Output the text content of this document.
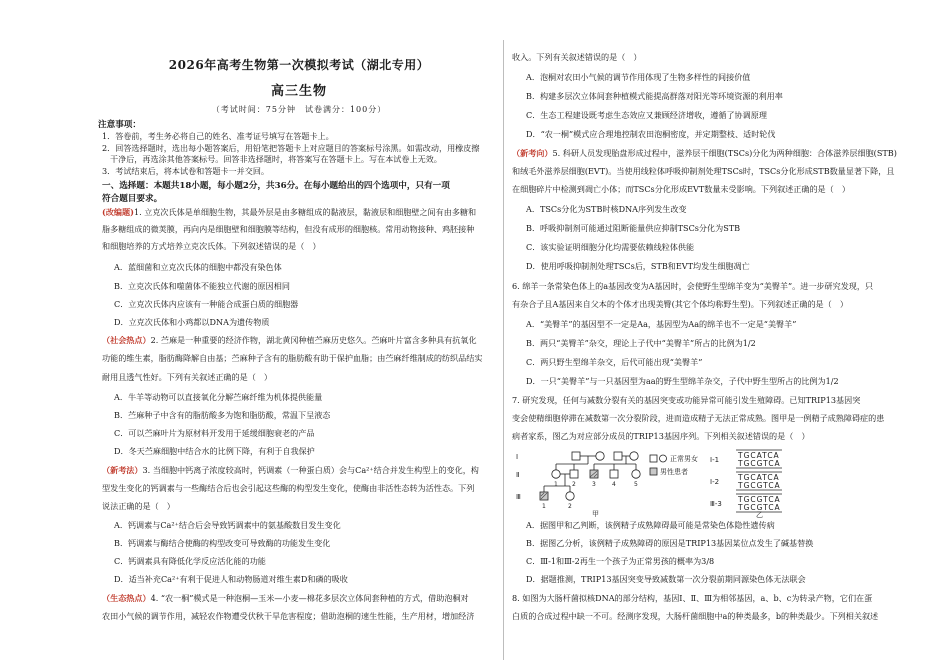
2026年高考生物第一次模拟考试（湖北专用）
高三生物
（考试时间：75分钟　试卷满分：100分）
注意事项：
1．答卷前，考生务必将自己的姓名、准考证号填写在答题卡上。
2．回答选择题时，选出每小题答案后，用铅笔把答题卡上对应题目的答案标号涂黑。如需改动，用橡皮擦
干净后，再选涂其他答案标号。回答非选择题时，将答案写在答题卡上。写在本试卷上无效。
3．考试结束后，将本试卷和答题卡一并交回。
一、选择题：本题共18小题，每小题2分，共36分。在每小题给出的四个选项中，只有一项
符合题目要求。
(改编题)1. 立克次氏体是单细胞生物，其最外层是由多糖组成的黏液层，黏液层和细胞壁之间有由多糖和
脂多糖组成的微荚膜，再向内是细胞壁和细胞膜等结构，但没有成形的细胞核。常用动物接种、鸡胚接种
和细胞培养的方式培养立克次氏体。下列叙述错误的是（　）
A．蓝细菌和立克次氏体的细胞中都没有染色体
B．立克次氏体和噬菌体不能独立代谢的原因相同
C．立克次氏体内应该有一种能合成蛋白质的细胞器
D．立克次氏体和小鸡都以DNA为遗传物质
（社会热点）2. 苎麻是一种重要的经济作物，湖北黄冈种植苎麻历史悠久。苎麻叶片富含多种具有抗氧化
功能的维生素，脂肪酶降解自由基；苎麻种子含有的脂肪酸有助于保护血脂；由苎麻纤维制成的纺织品结实
耐用且透气性好。下列有关叙述正确的是（　）
A．牛羊等动物可以直接氧化分解苎麻纤维为机体提供能量
B．苎麻种子中含有的脂肪酸多为饱和脂肪酸，常温下呈液态
C．可以苎麻叶片为原材料开发用于延缓细胞衰老的产品
D．冬天苎麻细胞中结合水的比例下降，有利于自我保护
（新考法）3. 当细胞中钙离子浓度较高时，钙调素（一种蛋白质）会与Ca²⁺结合并发生构型上的变化，构
型发生变化的钙调素与一些酶结合后也会引起这些酶的构型发生变化，使酶由非活性态转为活性态。下列
说法正确的是（　）
A．钙调素与Ca²⁺结合后会导致钙调素中的氨基酸数目发生变化
B．钙调素与酶结合使酶的构型改变可导致酶的功能发生变化
C．钙调素具有降低化学反应活化能的功能
D．适当补充Ca²⁺有利于促进人和动物肠道对维生素D和磷的吸收
（生态热点）4. “农一桐”模式是一种泡桐—玉米—小麦—棉花多层次立体间套种植的方式，借助泡桐对
农田小气候的调节作用，减轻农作物遭受伏秋干旱危害程度；借助泡桐的速生性能，生产用材，增加经济
收入。下列有关叙述错误的是（　）
A．泡桐对农田小气候的调节作用体现了生物多样性的间接价值
B．构建多层次立体间套种植模式能提高群落对阳光等环境资源的利用率
C．生态工程建设既考虑生态效应又兼顾经济增收，遵循了协调原理
D．“农一桐”模式应合理地控制农田泡桐密度，并定期整枝、适时轮伐
（新考向）5. 科研人员发现胎盘形成过程中，滋养层干细胞(TSCs)分化为两种细胞：合体滋养层细胞(STB)
和绒毛外滋养层细胞(EVT)。当使用线粒体呼吸抑制剂处理TSCs时，TSCs分化形成STB数量显著下降，且
在细胞碎片中检测到凋亡小体；而TSCs分化形成EVT数量未受影响。下列叙述正确的是（　）
A．TSCs分化为STB时核DNA序列发生改变
B．呼吸抑制剂可能通过阻断能量供应抑制TSCs分化为STB
C．该实验证明细胞分化均需要依赖线粒体供能
D．使用呼吸抑制剂处理TSCs后，STB和EVT均发生细胞凋亡
6. 绵羊一条常染色体上的a基因改变为A基因时，会使野生型绵羊变为“美臀羊”。进一步研究发现，只
有杂合子且A基因来自父本的个体才出现美臀(其它个体均称野生型)。下列叙述正确的是（　）
A．“美臀羊”的基因型不一定是Aa，基因型为Aa的绵羊也不一定是“美臀羊”
B．两只“美臀羊”杂交，理论上子代中“美臀羊”所占的比例为1/2
C．两只野生型绵羊杂交，后代可能出现“美臀羊”
D．一只“美臀羊”与一只基因型为aa的野生型绵羊杂交，子代中野生型所占的比例为1/2
7. 研究发现，任何与减数分裂有关的基因突变或功能异常可能引发生殖障碍。已知TRIP13基因突
变会使精细胞停滞在减数第一次分裂阶段，进而造成精子无法正常成熟。图甲是一例精子成熟障碍症的患
病者家系，图乙为对应部分成员的TRIP13基因序列。下列相关叙述错误的是（　）
Ⅰ
Ⅱ
Ⅲ
1 2	3	4	5
1	2
正常男女
男性患者
甲
Ⅰ-1
Ⅰ-2
Ⅲ-3
TGCATCA
TGCGTCA
TGCATCA
TGCGTCA
TGCGTCA
TGCGTCA
乙
A．据图甲和乙判断，该例精子成熟障碍最可能是常染色体隐性遗传病
B．据图乙分析，该例精子成熟障碍的原因是TRIP13基因某位点发生了碱基替换
C．Ⅲ-1和Ⅲ-2再生一个孩子为正常男孩的概率为3/8
D．据题推测，TRIP13基因突变导致减数第一次分裂前期同源染色体无法联会
8. 如图为大肠杆菌拟核DNA的部分结构，基因Ⅰ、Ⅱ、Ⅲ为相邻基因，a、b、c为转录产物，它们在蛋
白质的合成过程中缺一不可。经测序发现，大肠杆菌细胞中a的种类最多，b的种类最少。下列相关叙述
